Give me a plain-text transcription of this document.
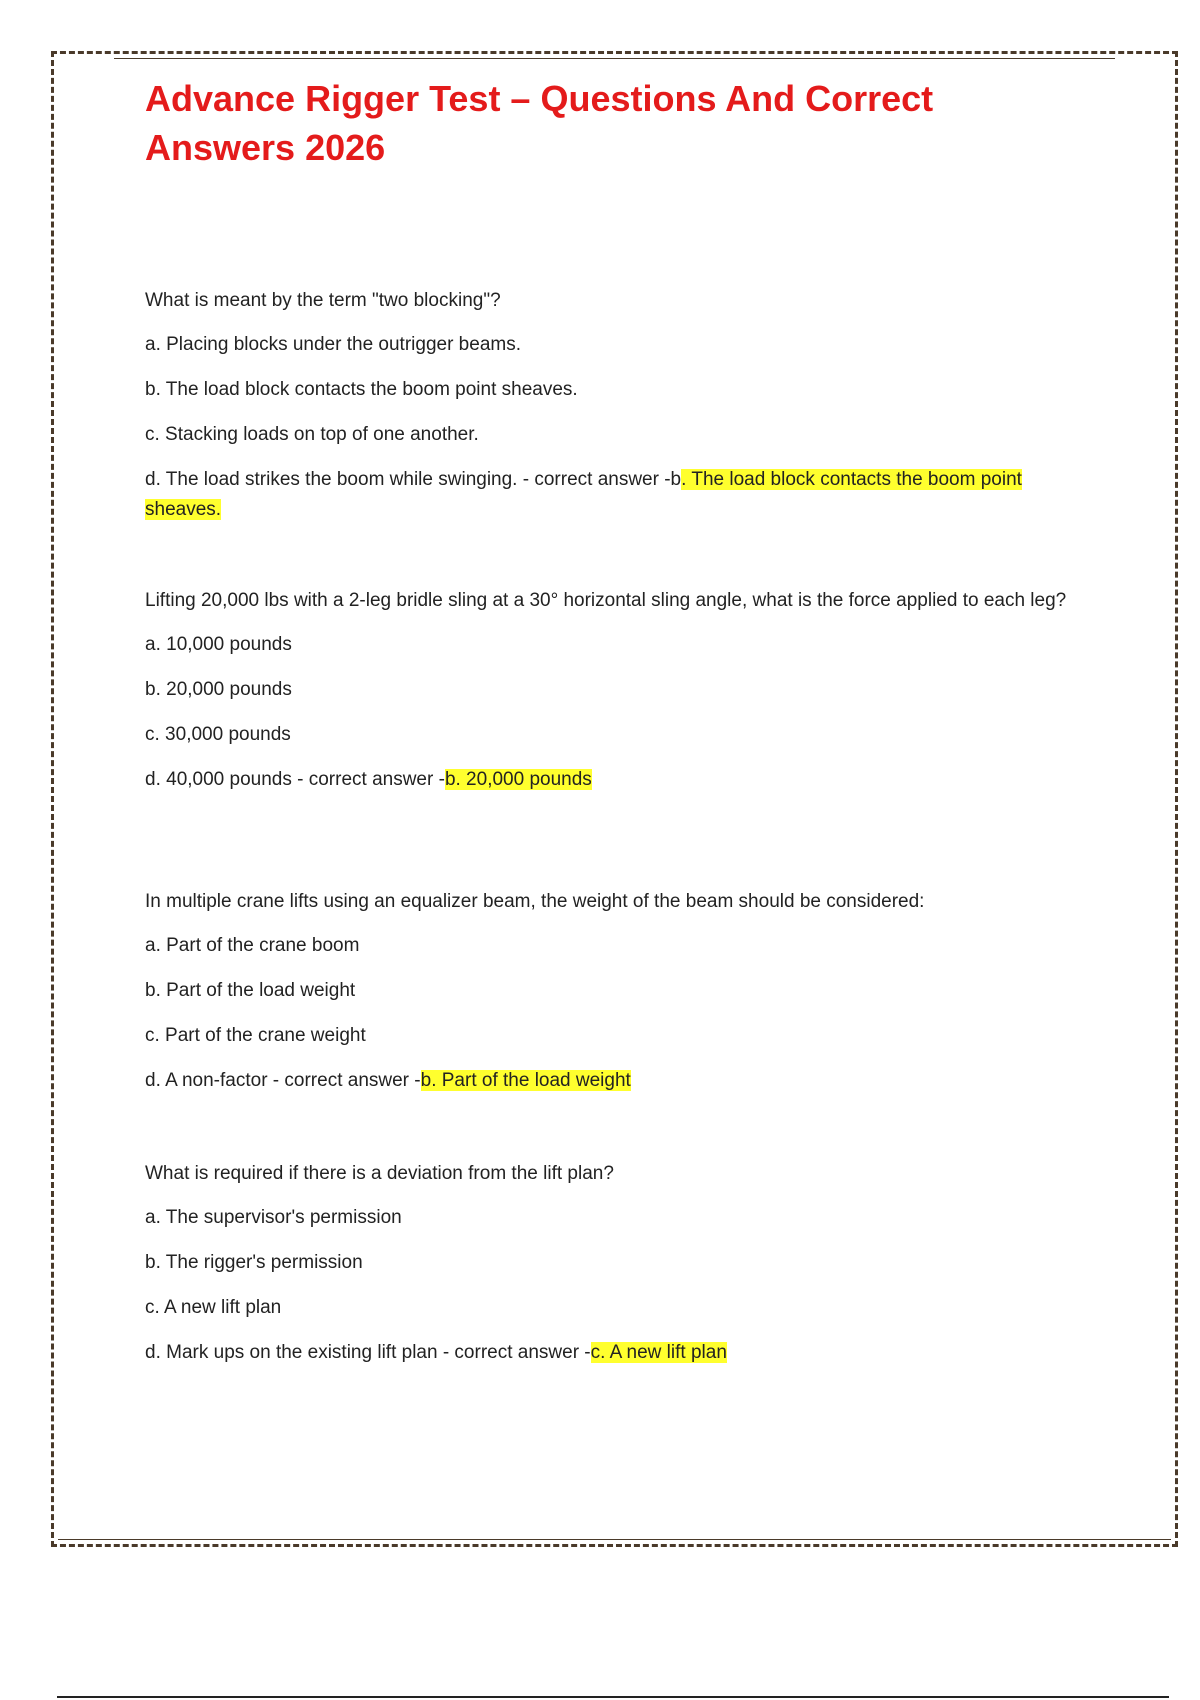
Advance Rigger Test – Questions And Correct Answers 2026

What is meant by the term "two blocking"?

a. Placing blocks under the outrigger beams.

b. The load block contacts the boom point sheaves.

c. Stacking loads on top of one another.

d. The load strikes the boom while swinging. - correct answer -b. The load block contacts the boom point sheaves.

Lifting 20,000 lbs with a 2-leg bridle sling at a 30° horizontal sling angle, what is the force applied to each leg?

a. 10,000 pounds

b. 20,000 pounds

c. 30,000 pounds

d. 40,000 pounds - correct answer -b. 20,000 pounds

In multiple crane lifts using an equalizer beam, the weight of the beam should be considered:

a. Part of the crane boom

b. Part of the load weight

c. Part of the crane weight

d. A non-factor - correct answer -b. Part of the load weight

What is required if there is a deviation from the lift plan?

a. The supervisor's permission

b. The rigger's permission

c. A new lift plan

d. Mark ups on the existing lift plan - correct answer -c. A new lift plan
